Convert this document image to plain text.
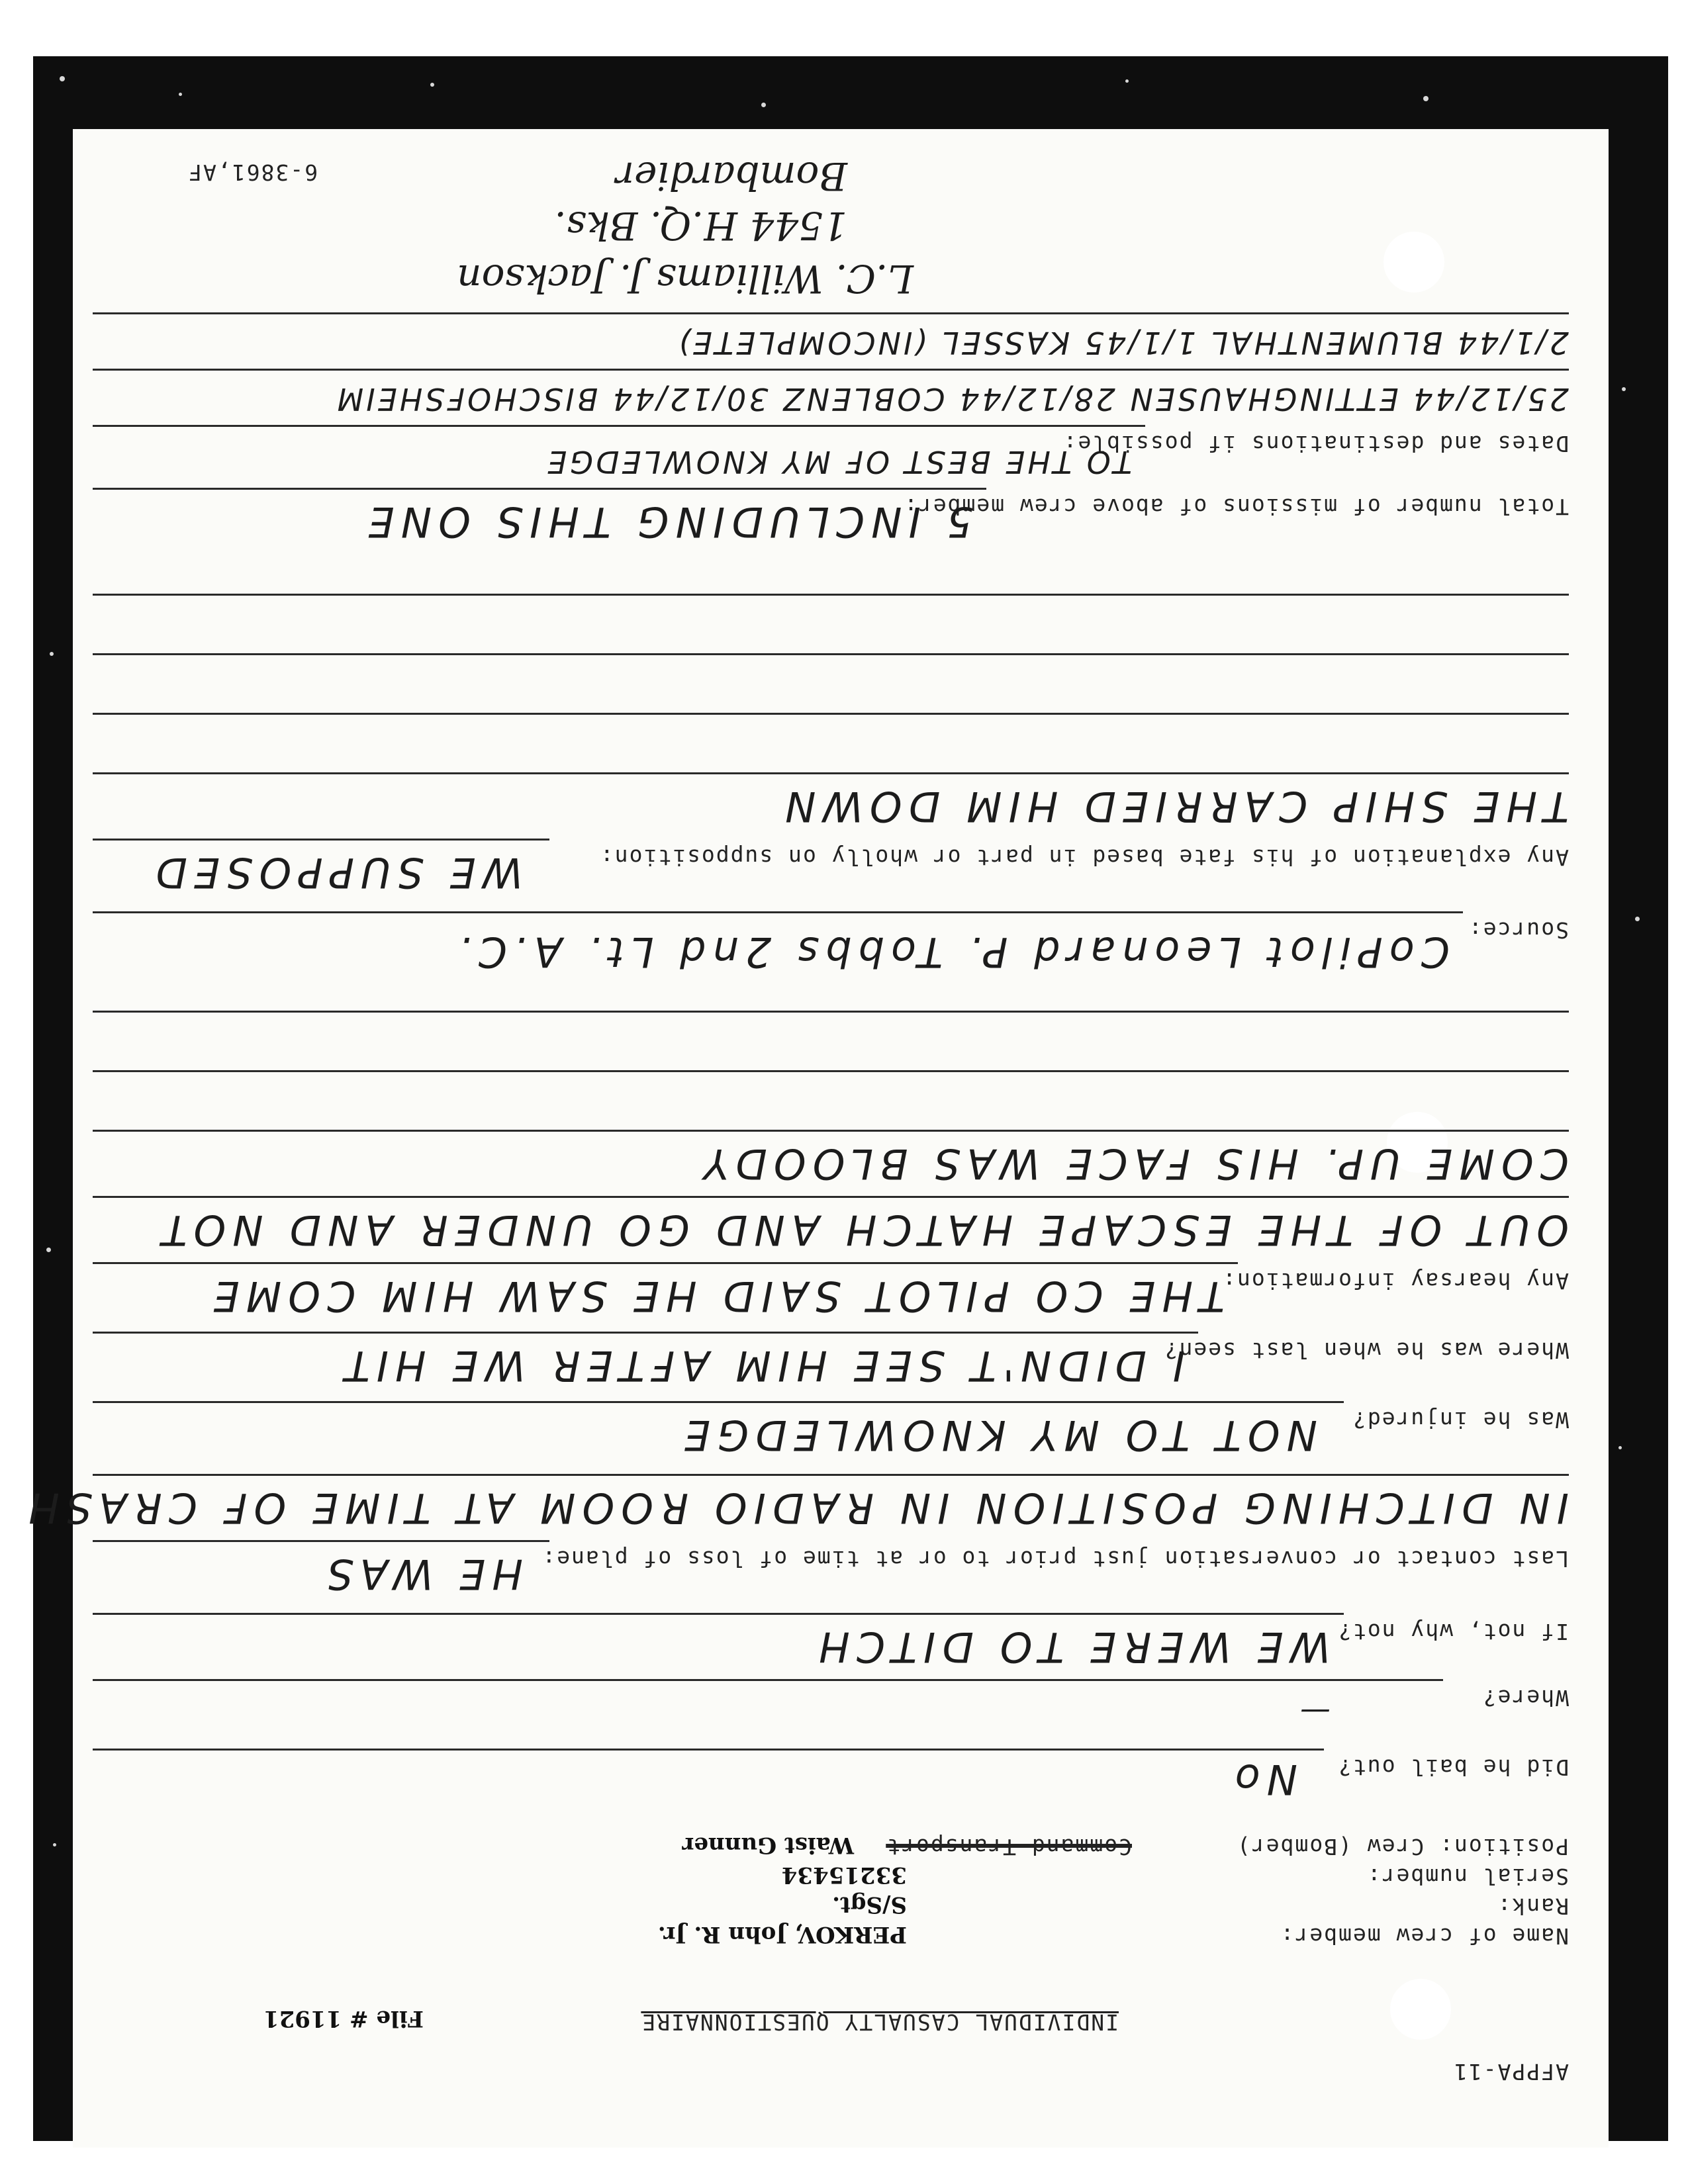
AFPPA-11
INDIVIDUAL CASUALTY QUESTIONNAIRE
File # 11921
Name of crew member:
PERKOV, John R. Jr.
Rank:
S/Sgt.
Serial number:
33215434
Position: Crew (Bomber)
Command Transport
Waist Gunner
Did he bail out?
No
Where?
—
If not, why not?
WE WERE TO DITCH
Last contact or conversation just prior to or at time of loss of plane:
HE WAS
IN DITCHING POSITION IN RADIO ROOM AT TIME OF CRASH
Was he injured?
NOT TO MY KNOWLEDGE
Where was he when last seen?
I DIDN'T SEE HIM AFTER WE HIT
Any hearsay information:
THE CO PILOT SAID HE SAW HIM COME
OUT OF THE ESCAPE HATCH AND GO UNDER AND NOT
COME UP. HIS FACE WAS BLOODY
Source:
CoPilot Leonard P. Tobbs 2nd Lt. A.C.
Any explanation of his fate based in part or wholly on supposition:
WE SUPPOSED
THE SHIP CARRIED HIM DOWN
Total number of missions of above crew member:
5 INCLUDING THIS ONE
Dates and destinations if possible:
TO THE BEST OF MY KNOWLEDGE
25/12/44 ETTINGHAUSEN 28/12/44 COBLENZ 30/12/44 BISCHOFSHEIM
2/1/44 BLUMENTHAL 1/1/45 KASSEL (INCOMPLETE)
L.C. Williams J. Jackson
1544 H.Q. Bks.
Bombardier
6-3861,AF
